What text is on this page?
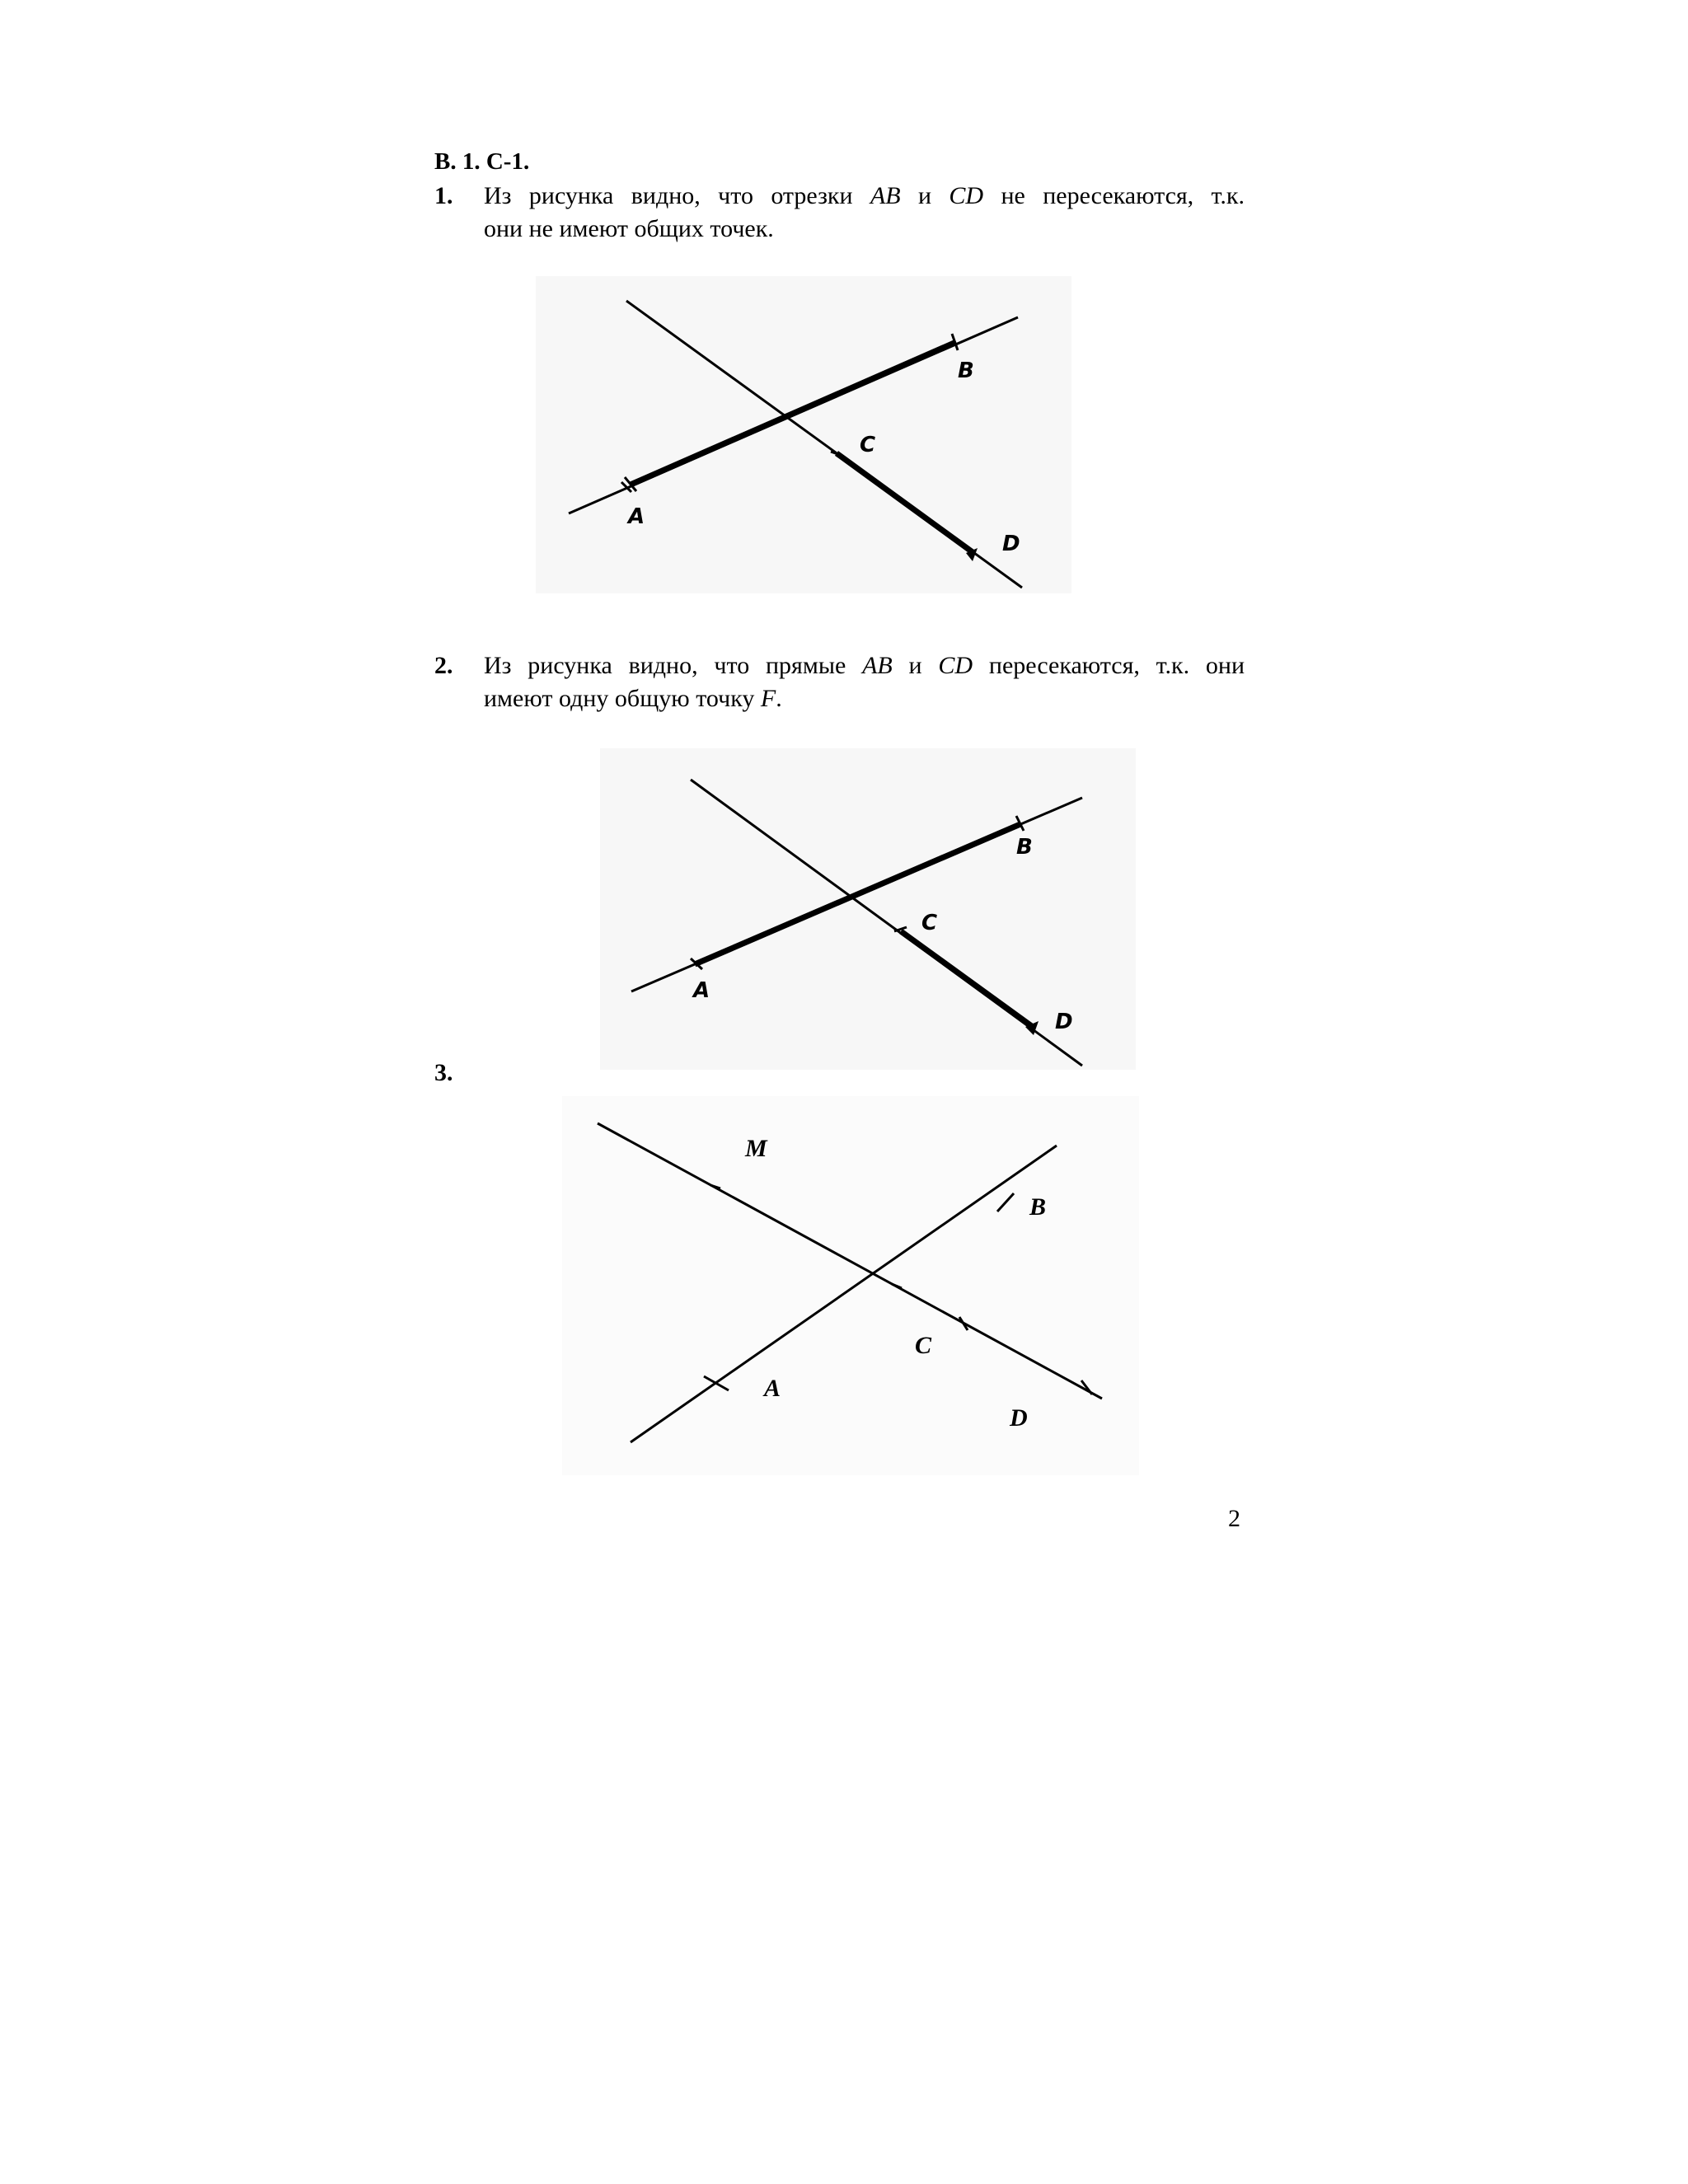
В. 1. С-1.
1. Из рисунка видно, что отрезки AB и CD не пересекаются, т.к.
они не имеют общих точек.
A
B
C
D
2. Из рисунка видно, что прямые AB и CD пересекаются, т.к. они
имеют одну общую точку F.
A
B
C
D
3.
M
B
C
A
D
2
